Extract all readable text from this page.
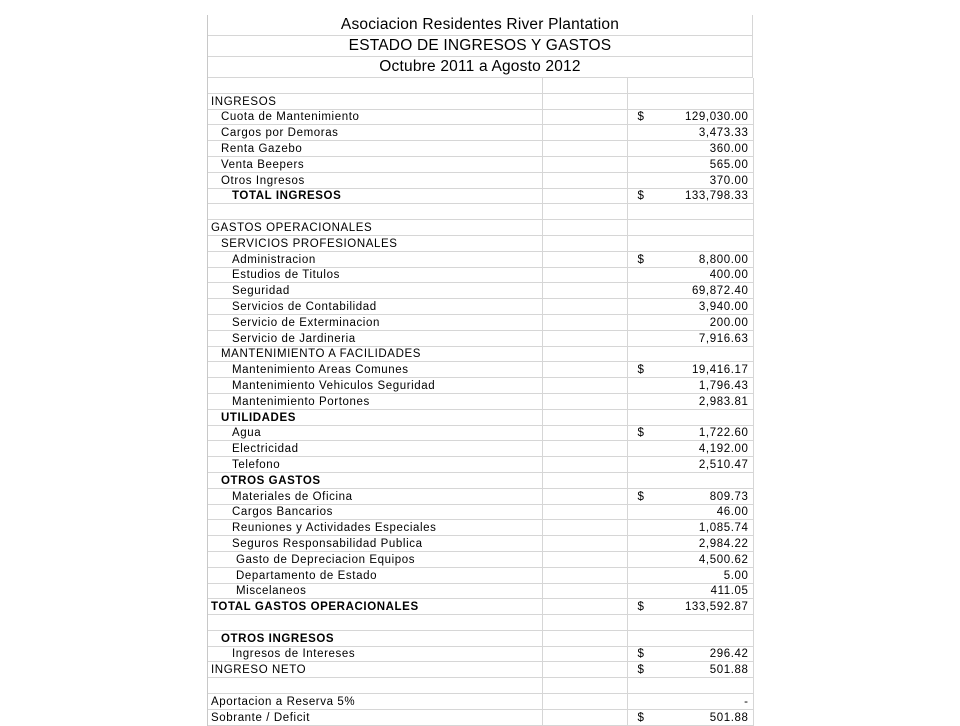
Asociacion Residentes River Plantation
ESTADO DE INGRESOS Y GASTOS
Octubre 2011 a Agosto 2012

INGRESOS		

Cuota de Mantenimiento		$ 129,030.00
Cargos por Demoras		3,473.33
Renta Gazebo		360.00
Venta Beepers		565.00
Otros Ingresos		370.00
TOTAL INGRESOS		$ 133,798.33

GASTOS OPERACIONALES		

SERVICIOS PROFESIONALES		

Administracion		$ 8,800.00
Estudios de Titulos		400.00
Seguridad		69,872.40
Servicios de Contabilidad		3,940.00
Servicio de Exterminacion		200.00
Servicio de Jardineria		7,916.63
MANTENIMIENTO A FACILIDADES		

Mantenimiento Areas Comunes		$ 19,416.17
Mantenimiento Vehiculos Seguridad		1,796.43
Mantenimiento Portones		2,983.81
UTILIDADES		

Agua		$ 1,722.60
Electricidad		4,192.00
Telefono		2,510.47
OTROS GASTOS		

Materiales de Oficina		$ 809.73
Cargos Bancarios		46.00
Reuniones y Actividades Especiales		1,085.74
Seguros Responsabilidad Publica		2,984.22
Gasto de Depreciacion Equipos		4,500.62
Departamento de Estado		5.00
Miscelaneos		411.05
TOTAL GASTOS OPERACIONALES		$ 133,592.87

OTROS INGRESOS		

Ingresos de Intereses		$ 296.42
INGRESO NETO		$ 501.88

Aportacion a Reserva 5%		-
Sobrante / Deficit		$ 501.88
